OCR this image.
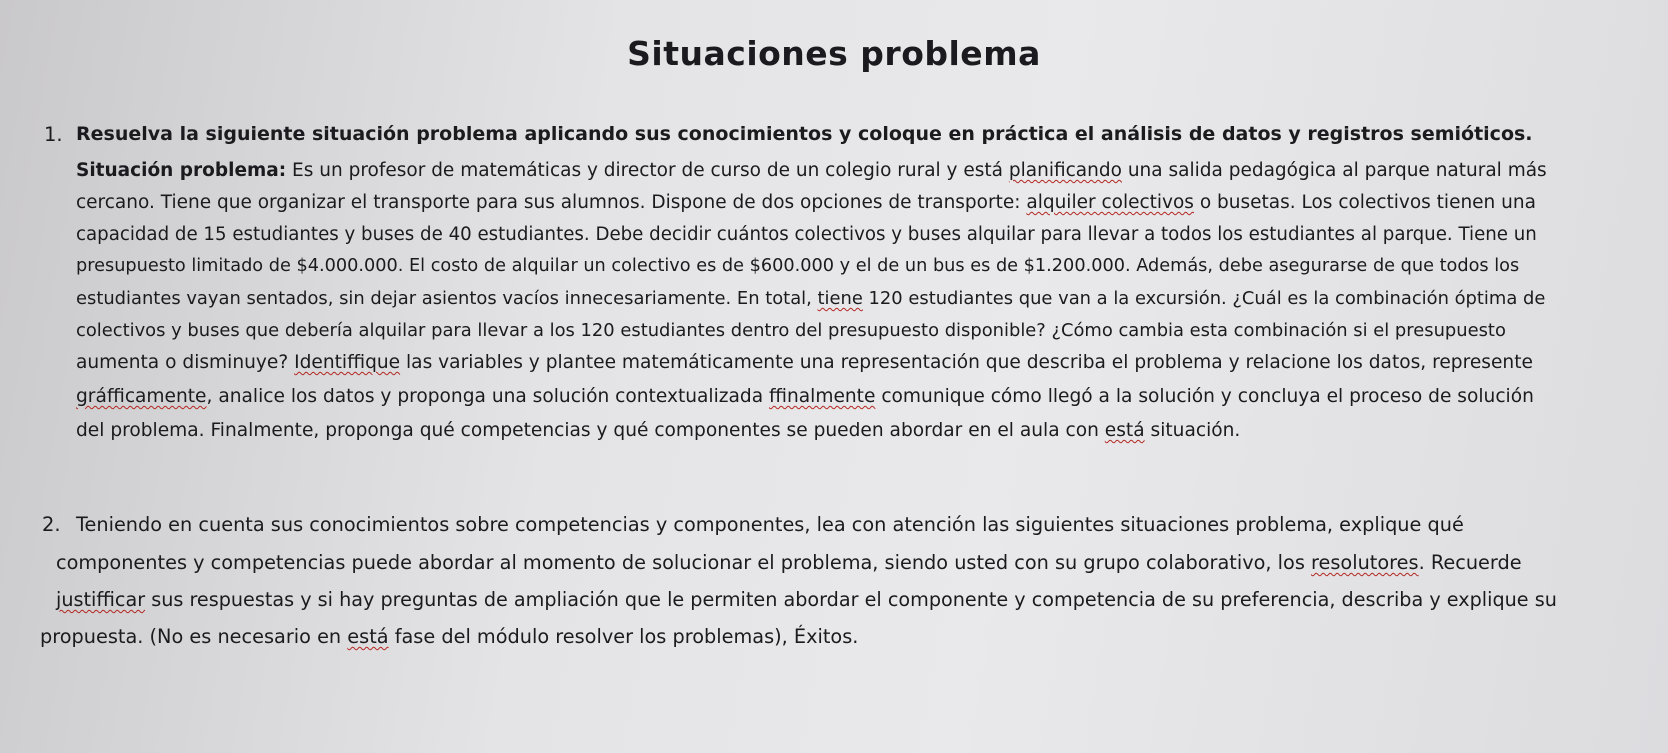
Situaciones problema
1. Resuelva la siguiente situación problema aplicando sus conocimientos y coloque en práctica el análisis de datos y registros semióticos.
Situación problema: Es un profesor de matemáticas y director de curso de un colegio rural y está planificando una salida pedagógica al parque natural más
cercano. Tiene que organizar el transporte para sus alumnos. Dispone de dos opciones de transporte: alquiler colectivos o busetas. Los colectivos tienen una
capacidad de 15 estudiantes y buses de 40 estudiantes. Debe decidir cuántos colectivos y buses alquilar para llevar a todos los estudiantes al parque. Tiene un
presupuesto limitado de $4.000.000. El costo de alquilar un colectivo es de $600.000 y el de un bus es de $1.200.000. Además, debe asegurarse de que todos los
estudiantes vayan sentados, sin dejar asientos vacíos innecesariamente. En total, tiene 120 estudiantes que van a la excursión. ¿Cuál es la combinación óptima de
colectivos y buses que debería alquilar para llevar a los 120 estudiantes dentro del presupuesto disponible? ¿Cómo cambia esta combinación si el presupuesto
aumenta o disminuye? Identiffique las variables y plantee matemáticamente una representación que describa el problema y relacione los datos, represente
gráfficamente, analice los datos y proponga una solución contextualizada ffinalmente comunique cómo llegó a la solución y concluya el proceso de solución
del problema. Finalmente, proponga qué competencias y qué componentes se pueden abordar en el aula con está situación.
2. Teniendo en cuenta sus conocimientos sobre competencias y componentes, lea con atención las siguientes situaciones problema, explique qué
componentes y competencias puede abordar al momento de solucionar el problema, siendo usted con su grupo colaborativo, los resolutores. Recuerde
justifficar sus respuestas y si hay preguntas de ampliación que le permiten abordar el componente y competencia de su preferencia, describa y explique su
propuesta. (No es necesario en está fase del módulo resolver los problemas), Éxitos.
